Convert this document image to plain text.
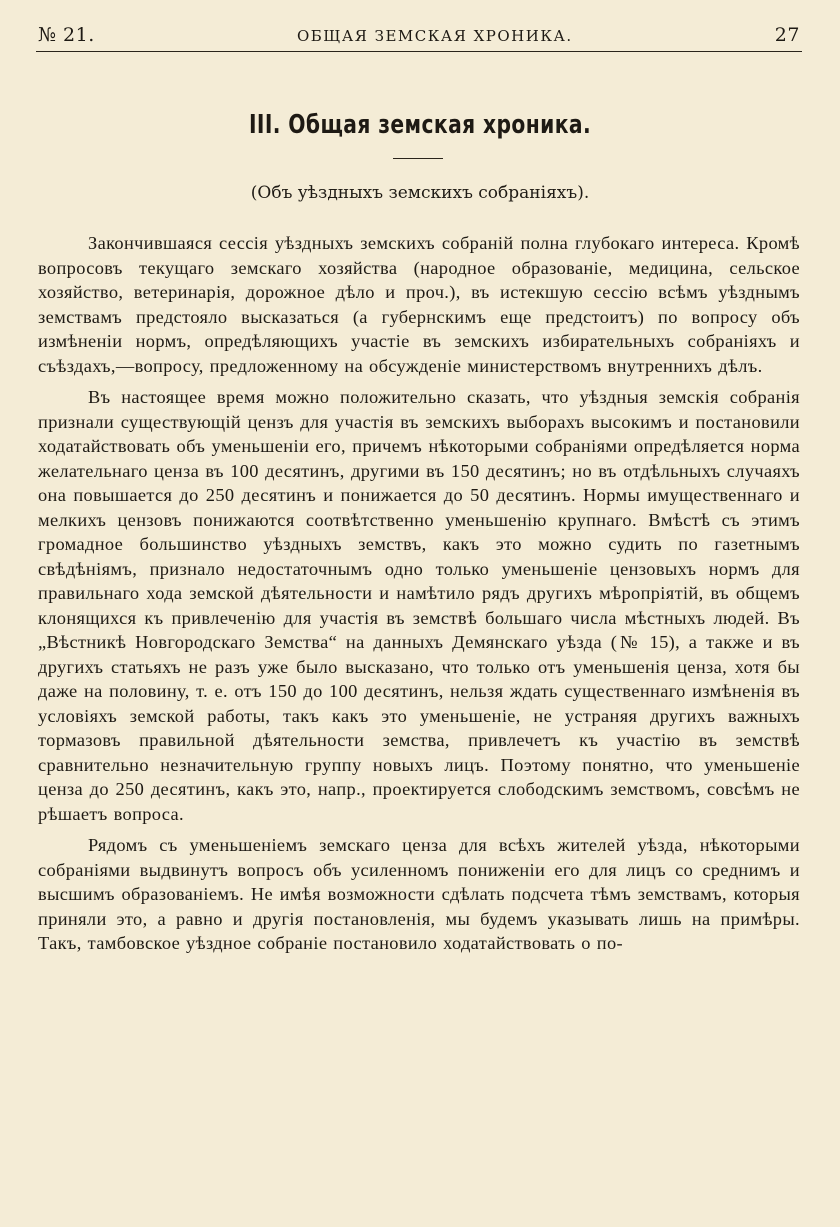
№ 21.	ОБЩАЯ ЗЕМСКАЯ ХРОНИКА.	27
III. Общая земская хроника.
(Объ уѣздныхъ земскихъ собраніяхъ).

Закончившаяся сессія уѣздныхъ земскихъ собраній полна глубокаго интереса. Кромѣ вопросовъ текущаго земскаго хозяйства (народное образованіе, медицина, сельское хозяйство, ветеринарія, дорожное дѣло и проч.), въ истекшую сессію всѣмъ уѣзднымъ земствамъ предстояло высказаться (а губернскимъ еще предстоитъ) по вопросу объ измѣненіи нормъ, опредѣляющихъ участіе въ земскихъ избирательныхъ собраніяхъ и съѣздахъ,—вопросу, предложенному на обсужденіе министерствомъ внутреннихъ дѣлъ.

Въ настоящее время можно положительно сказать, что уѣздныя земскія собранія признали существующій цензъ для участія въ земскихъ выборахъ высокимъ и постановили ходатайствовать объ уменьшеніи его, причемъ нѣкоторыми собраніями опредѣляется норма желательнаго ценза въ 100 десятинъ, другими въ 150 десятинъ; но въ отдѣльныхъ случаяхъ она повышается до 250 десятинъ и понижается до 50 десятинъ. Нормы имущественнаго и мелкихъ цензовъ понижаются соотвѣтственно уменьшенію крупнаго. Вмѣстѣ съ этимъ громадное большинство уѣздныхъ земствъ, какъ это можно судить по газетнымъ свѣдѣніямъ, признало недостаточнымъ одно только уменьшеніе цензовыхъ нормъ для правильнаго хода земской дѣятельности и намѣтило рядъ другихъ мѣропріятій, въ общемъ клонящихся къ привлеченію для участія въ земствѣ большаго числа мѣстныхъ людей. Въ „Вѣстникѣ Новгородскаго Земства“ на данныхъ Демянскаго уѣзда (№ 15), а также и въ другихъ статьяхъ не разъ уже было высказано, что только отъ уменьшенія ценза, хотя бы даже на половину, т. е. отъ 150 до 100 десятинъ, нельзя ждать существеннаго измѣненія въ условіяхъ земской работы, такъ какъ это уменьшеніе, не устраняя другихъ важныхъ тормазовъ правильной дѣятельности земства, привлечетъ къ участію въ земствѣ сравнительно незначительную группу новыхъ лицъ. Поэтому понятно, что уменьшеніе ценза до 250 десятинъ, какъ это, напр., проектируется слободскимъ земствомъ, совсѣмъ не рѣшаетъ вопроса.

Рядомъ съ уменьшеніемъ земскаго ценза для всѣхъ жителей уѣзда, нѣкоторыми собраніями выдвинутъ вопросъ объ усиленномъ пониженіи его для лицъ со среднимъ и высшимъ образованіемъ. Не имѣя возможности сдѣлать подсчета тѣмъ земствамъ, которыя приняли это, а равно и другія постановленія, мы будемъ указывать лишь на примѣры. Такъ, тамбовское уѣздное собраніе постановило ходатайствовать о по-
